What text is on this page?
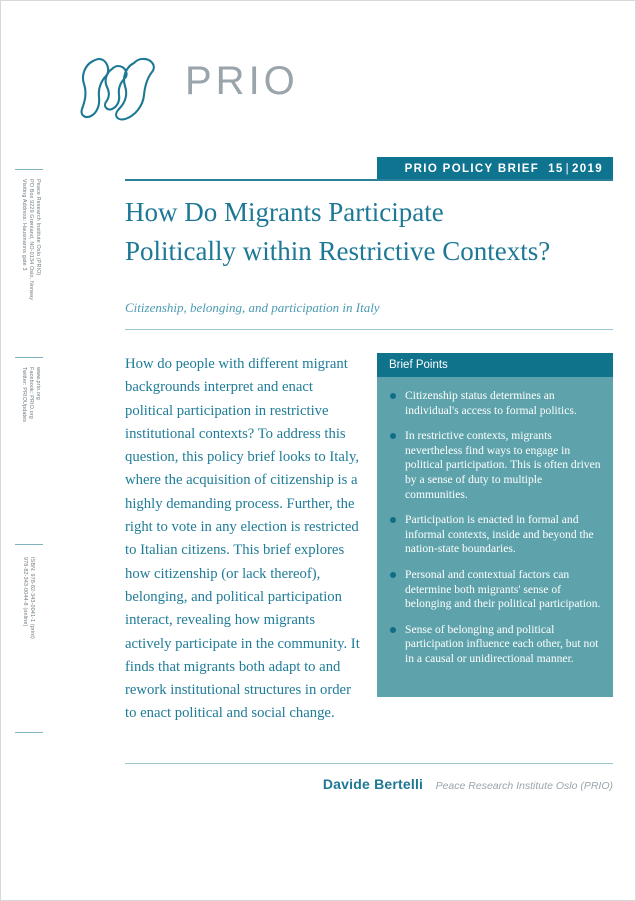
Peace Research Institute Oslo (PRIO)
PO Box 9229 Grønland, NO-0134 Oslo, Norway
Visiting Address: Hausmanns gate 3
www.prio.org
Facebook: PRIO.org
Twitter: PRIOUpdates
ISBN: 978-82-343-0041-1 (print)
978-82-343-0044-8 (online)
PRIO
PRIO POLICY BRIEF 15 | 2019
How Do Migrants Participate
Politically within Restrictive Contexts?
Citizenship, belonging, and participation in Italy
How do people with different migrant backgrounds interpret and enact political participation in restrictive institutional contexts? To address this question, this policy brief looks to Italy, where the acquisition of citizenship is a highly demanding process. Further, the right to vote in any election is restricted to Italian citizens. This brief explores how citizenship (or lack thereof), belonging, and political participation interact, revealing how migrants actively participate in the community. It finds that migrants both adapt to and rework institutional structures in order to enact political and social change.
Brief Points
Citizenship status determines an individual's access to formal politics.
In restrictive contexts, migrants nevertheless find ways to engage in political participation. This is often driven by a sense of duty to multiple communities.
Participation is enacted in formal and informal contexts, inside and beyond the nation-state boundaries.
Personal and contextual factors can determine both migrants' sense of belonging and their political participation.
Sense of belonging and political participation influence each other, but not in a causal or unidirectional manner.
Davide Bertelli Peace Research Institute Oslo (PRIO)
